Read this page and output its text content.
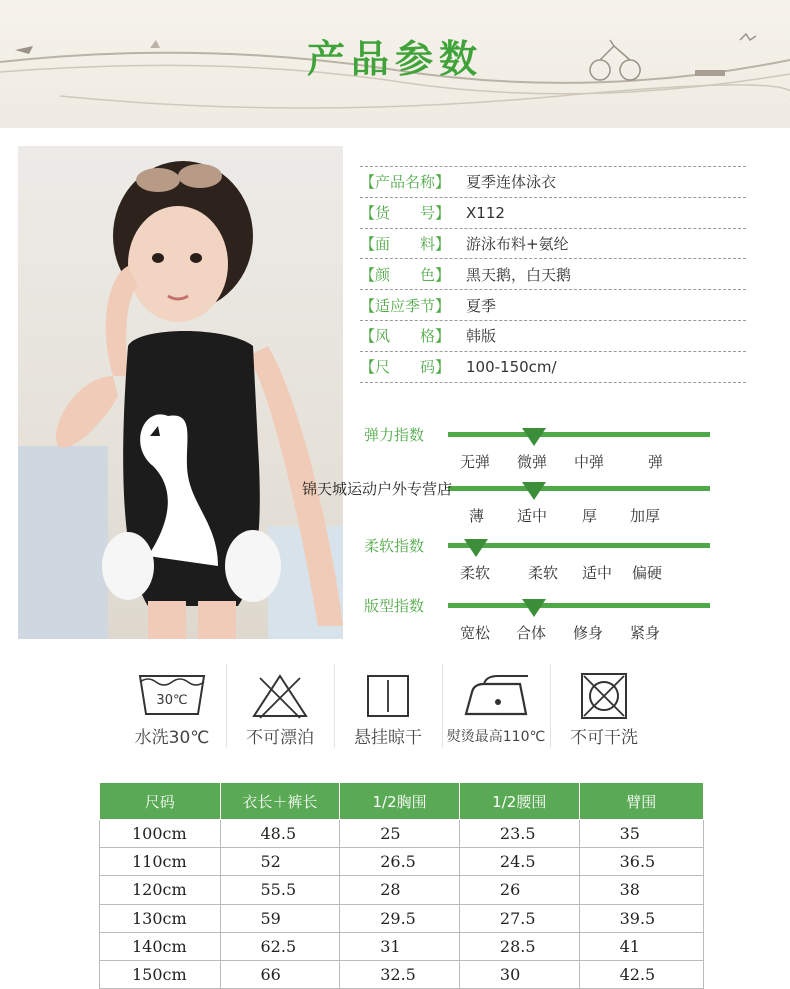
产品参数
【产品名称】	夏季连体泳衣
【货　　号】	X112
【面　　料】	游泳布料+氨纶
【颜　　色】	黑天鹅，白天鹅
【适应季节】	夏季
【风　　格】	韩版
【尺　　码】	100-150cm/
弹力指数
无弹 微弹 中弹	弹
薄 适中 厚 加厚
柔软指数
柔软	柔软 适中 偏硬
版型指数
宽松 合体 修身 紧身
锦天城运动户外专营店
30℃
水洗30℃	不可漂泊	悬挂晾干	熨烫最高110℃	不可干洗
尺码	衣长＋裤长	1/2胸围	1/2腰围	臂围
100cm	48.5	25	23.5	35
110cm	52	26.5	24.5	36.5
120cm	55.5	28	26	38
130cm	59	29.5	27.5	39.5
140cm	62.5	31	28.5	41
150cm	66	32.5	30	42.5
